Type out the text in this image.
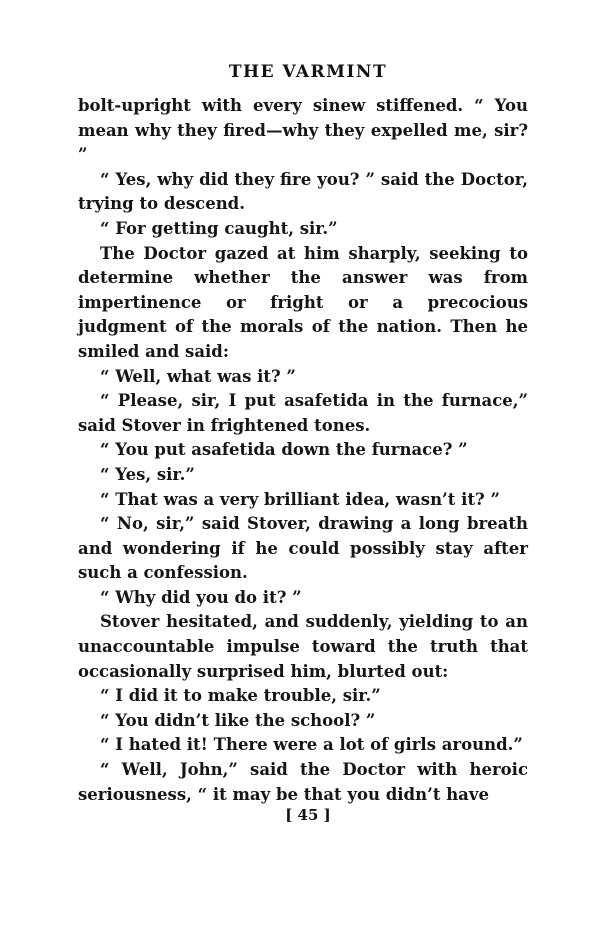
THE VARMINT

bolt-upright with every sinew stiffened. “ You mean why they fired—why they expelled me, sir? ”

“ Yes, why did they fire you? ” said the Doctor, trying to descend.

“ For getting caught, sir.”

The Doctor gazed at him sharply, seeking to determine whether the answer was from impertinence or fright or a precocious judgment of the morals of the nation. Then he smiled and said:

“ Well, what was it? ”

“ Please, sir, I put asafetida in the furnace,” said Stover in frightened tones.

“ You put asafetida down the furnace? ”

“ Yes, sir.”

“ That was a very brilliant idea, wasn’t it? ”

“ No, sir,” said Stover, drawing a long breath and wondering if he could possibly stay after such a confession.

“ Why did you do it? ”

Stover hesitated, and suddenly, yielding to an unaccountable impulse toward the truth that occasionally surprised him, blurted out:

“ I did it to make trouble, sir.”

“ You didn’t like the school? ”

“ I hated it! There were a lot of girls around.”

“ Well, John,” said the Doctor with heroic seriousness, “ it may be that you didn’t have

[ 45 ]
